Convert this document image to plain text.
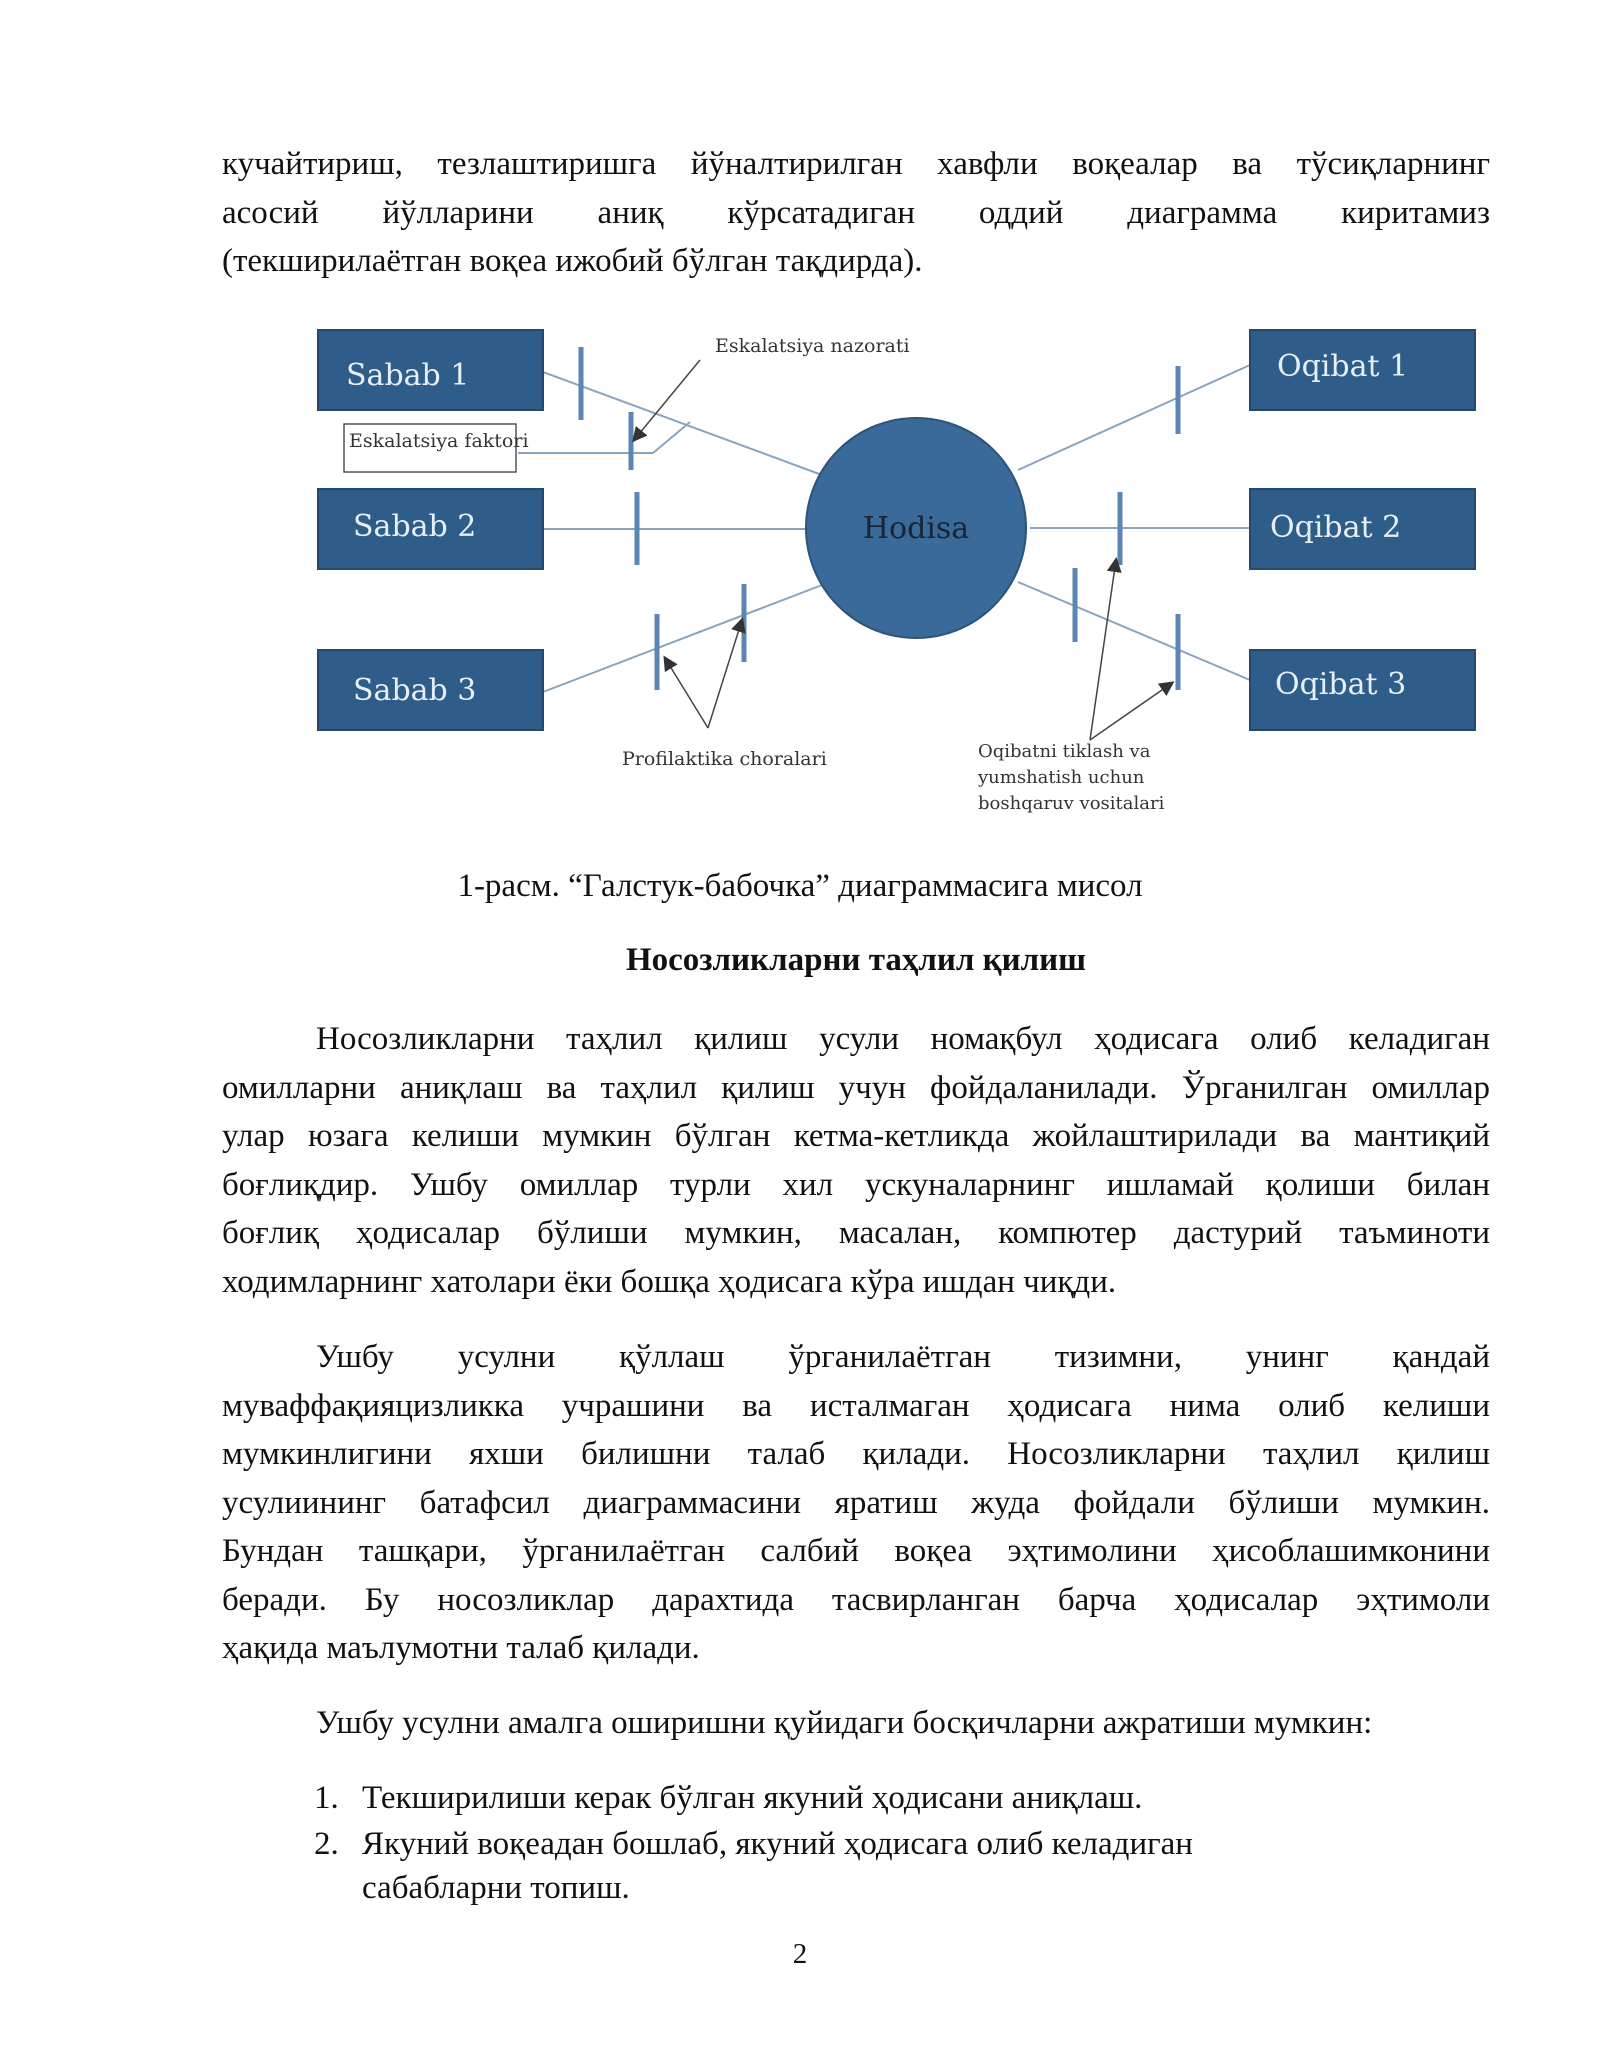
кучайтириш, тезлаштиришга йўналтирилган хавфли воқеалар ва тўсиқларнинг
асосий йўлларини аниқ кўрсатадиган оддий диаграмма киритамиз
(текширилаётган воқеа ижобий бўлган тақдирда).
Sabab 1
Sabab 2
Sabab 3
Oqibat 1
Oqibat 2
Oqibat 3
Hodisa
Eskalatsiya nazorati
Eskalatsiya faktori
Profilaktika choralari	Oqibatni tiklash va
yumshatish uchun
boshqaruv vositalari

1-расм. “Галстук-бабочка” диаграммасига мисол

Носозликларни таҳлил қилиш

Носозликларни таҳлил қилиш усули номақбул ҳодисага олиб келадиган
омилларни аниқлаш ва таҳлил қилиш учун фойдаланилади. Ўрганилган омиллар
улар юзага келиши мумкин бўлган кетма-кетликда жойлаштирилади ва мантиқий
боғлиқдир. Ушбу омиллар турли хил ускуналарнинг ишламай қолиши билан
боғлиқ ҳодисалар бўлиши мумкин, масалан, компютер дастурий таъминоти
ходимларнинг хатолари ёки бошқа ҳодисага кўра ишдан чиқди.
Ушбу усулни қўллаш ўрганилаётган тизимни, унинг қандай
муваффақияцизликка учрашини ва исталмаган ҳодисага нима олиб келиши
мумкинлигини яхши билишни талаб қилади. Носозликларни таҳлил қилиш
усулиининг батафсил диаграммасини яратиш жуда фойдали бўлиши мумкин.
Бундан ташқари, ўрганилаётган салбий воқеа эҳтимолини ҳисоблашимконини
беради. Бу носозликлар дарахтида тасвирланган барча ҳодисалар эҳтимоли
ҳақида маълумотни талаб қилади.
Ушбу усулни амалга оширишни қуйидаги босқичларни ажратиши мумкин:
1. Текширилиши керак бўлган якуний ҳодисани аниқлаш.
2. Якуний воқеадан бошлаб, якуний ҳодисага олиб келадиган
сабабларни топиш.
2
